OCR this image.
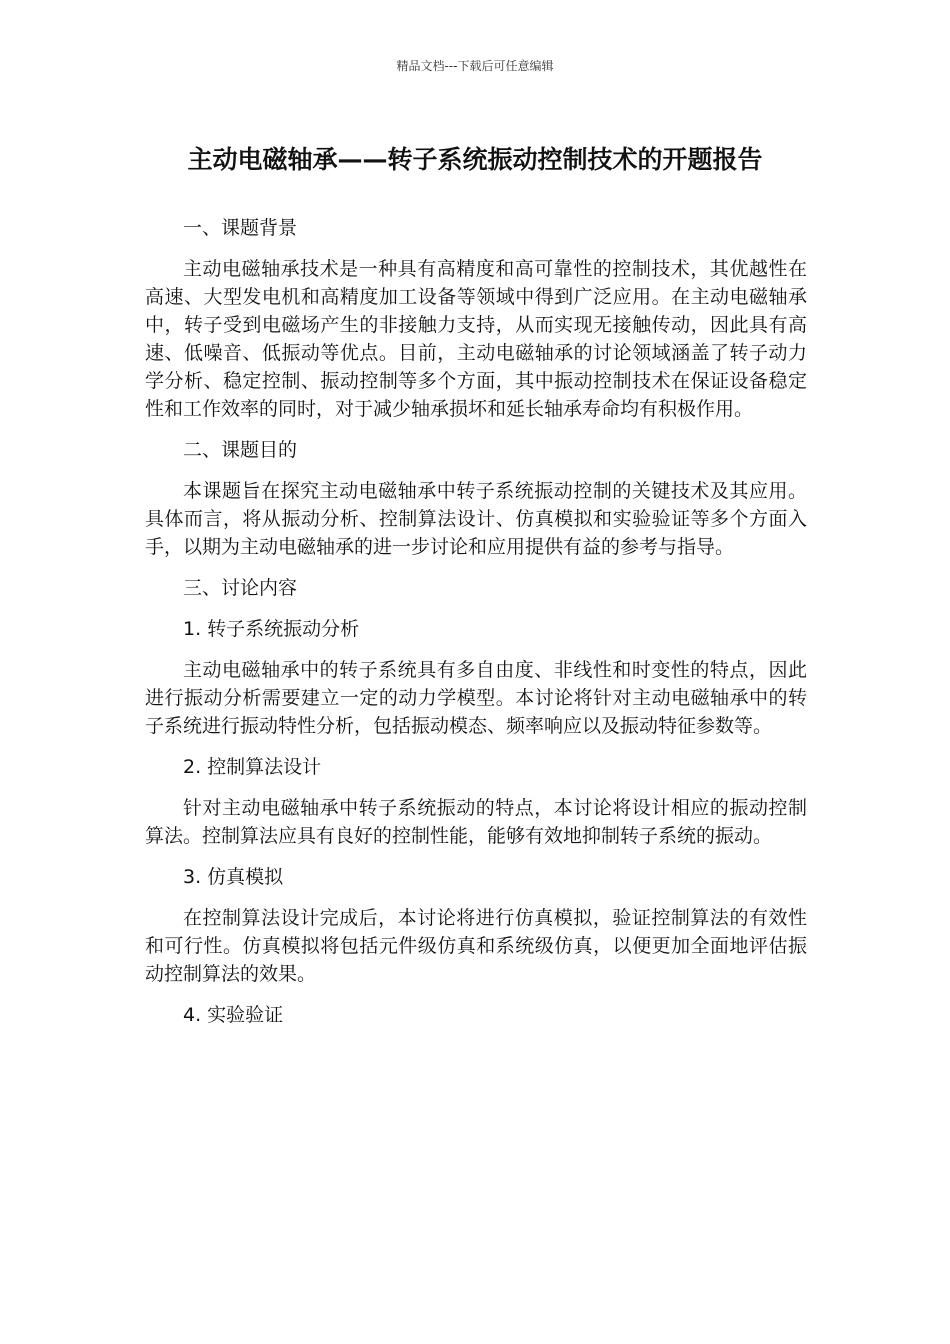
精品文档---下载后可任意编辑
主动电磁轴承——转子系统振动控制技术的开题报告

一、课题背景

主动电磁轴承技术是一种具有高精度和高可靠性的控制技术，其优越性在高速、大型发电机和高精度加工设备等领域中得到广泛应用。在主动电磁轴承中，转子受到电磁场产生的非接触力支持，从而实现无接触传动，因此具有高速、低噪音、低振动等优点。目前，主动电磁轴承的讨论领域涵盖了转子动力学分析、稳定控制、振动控制等多个方面，其中振动控制技术在保证设备稳定性和工作效率的同时，对于减少轴承损坏和延长轴承寿命均有积极作用。

二、课题目的

本课题旨在探究主动电磁轴承中转子系统振动控制的关键技术及其应用。具体而言，将从振动分析、控制算法设计、仿真模拟和实验验证等多个方面入手，以期为主动电磁轴承的进一步讨论和应用提供有益的参考与指导。

三、讨论内容

1. 转子系统振动分析

主动电磁轴承中的转子系统具有多自由度、非线性和时变性的特点，因此进行振动分析需要建立一定的动力学模型。本讨论将针对主动电磁轴承中的转子系统进行振动特性分析，包括振动模态、频率响应以及振动特征参数等。

2. 控制算法设计

针对主动电磁轴承中转子系统振动的特点，本讨论将设计相应的振动控制算法。控制算法应具有良好的控制性能，能够有效地抑制转子系统的振动。

3. 仿真模拟

在控制算法设计完成后，本讨论将进行仿真模拟，验证控制算法的有效性和可行性。仿真模拟将包括元件级仿真和系统级仿真，以便更加全面地评估振动控制算法的效果。

4. 实验验证
